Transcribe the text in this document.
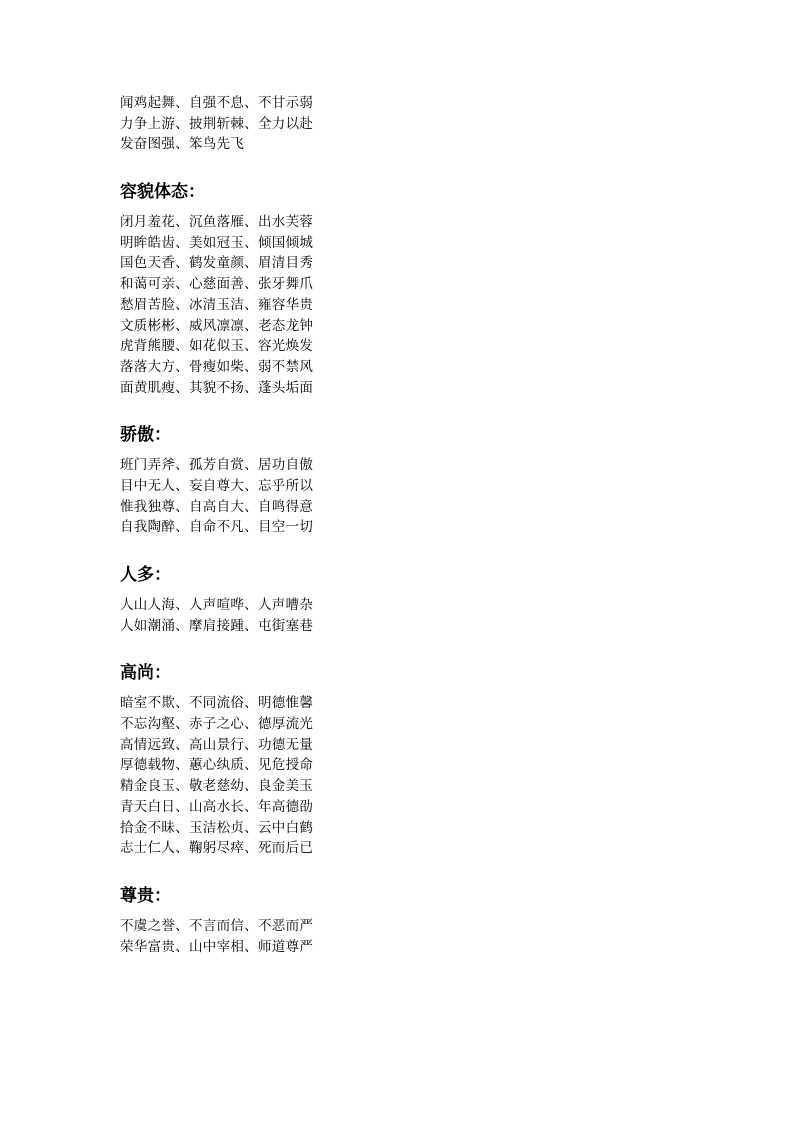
闻鸡起舞、自强不息、不甘示弱
力争上游、披荆斩棘、全力以赴
发奋图强、笨鸟先飞
容貌体态：
闭月羞花、沉鱼落雁、出水芙蓉
明眸皓齿、美如冠玉、倾国倾城
国色天香、鹤发童颜、眉清目秀
和蔼可亲、心慈面善、张牙舞爪
愁眉苦脸、冰清玉洁、雍容华贵
文质彬彬、威风凛凛、老态龙钟
虎背熊腰、如花似玉、容光焕发
落落大方、骨瘦如柴、弱不禁风
面黄肌瘦、其貌不扬、蓬头垢面
骄傲：
班门弄斧、孤芳自赏、居功自傲
目中无人、妄自尊大、忘乎所以
惟我独尊、自高自大、自鸣得意
自我陶醉、自命不凡、目空一切
人多：
人山人海、人声喧哗、人声嘈杂
人如潮涌、摩肩接踵、屯街塞巷
高尚：
暗室不欺、不同流俗、明德惟馨
不忘沟壑、赤子之心、德厚流光
高情远致、高山景行、功德无量
厚德载物、蕙心纨质、见危授命
精金良玉、敬老慈幼、良金美玉
青天白日、山高水长、年高德劭
拾金不昧、玉洁松贞、云中白鹤
志士仁人、鞠躬尽瘁、死而后已
尊贵：
不虞之誉、不言而信、不恶而严
荣华富贵、山中宰相、师道尊严
